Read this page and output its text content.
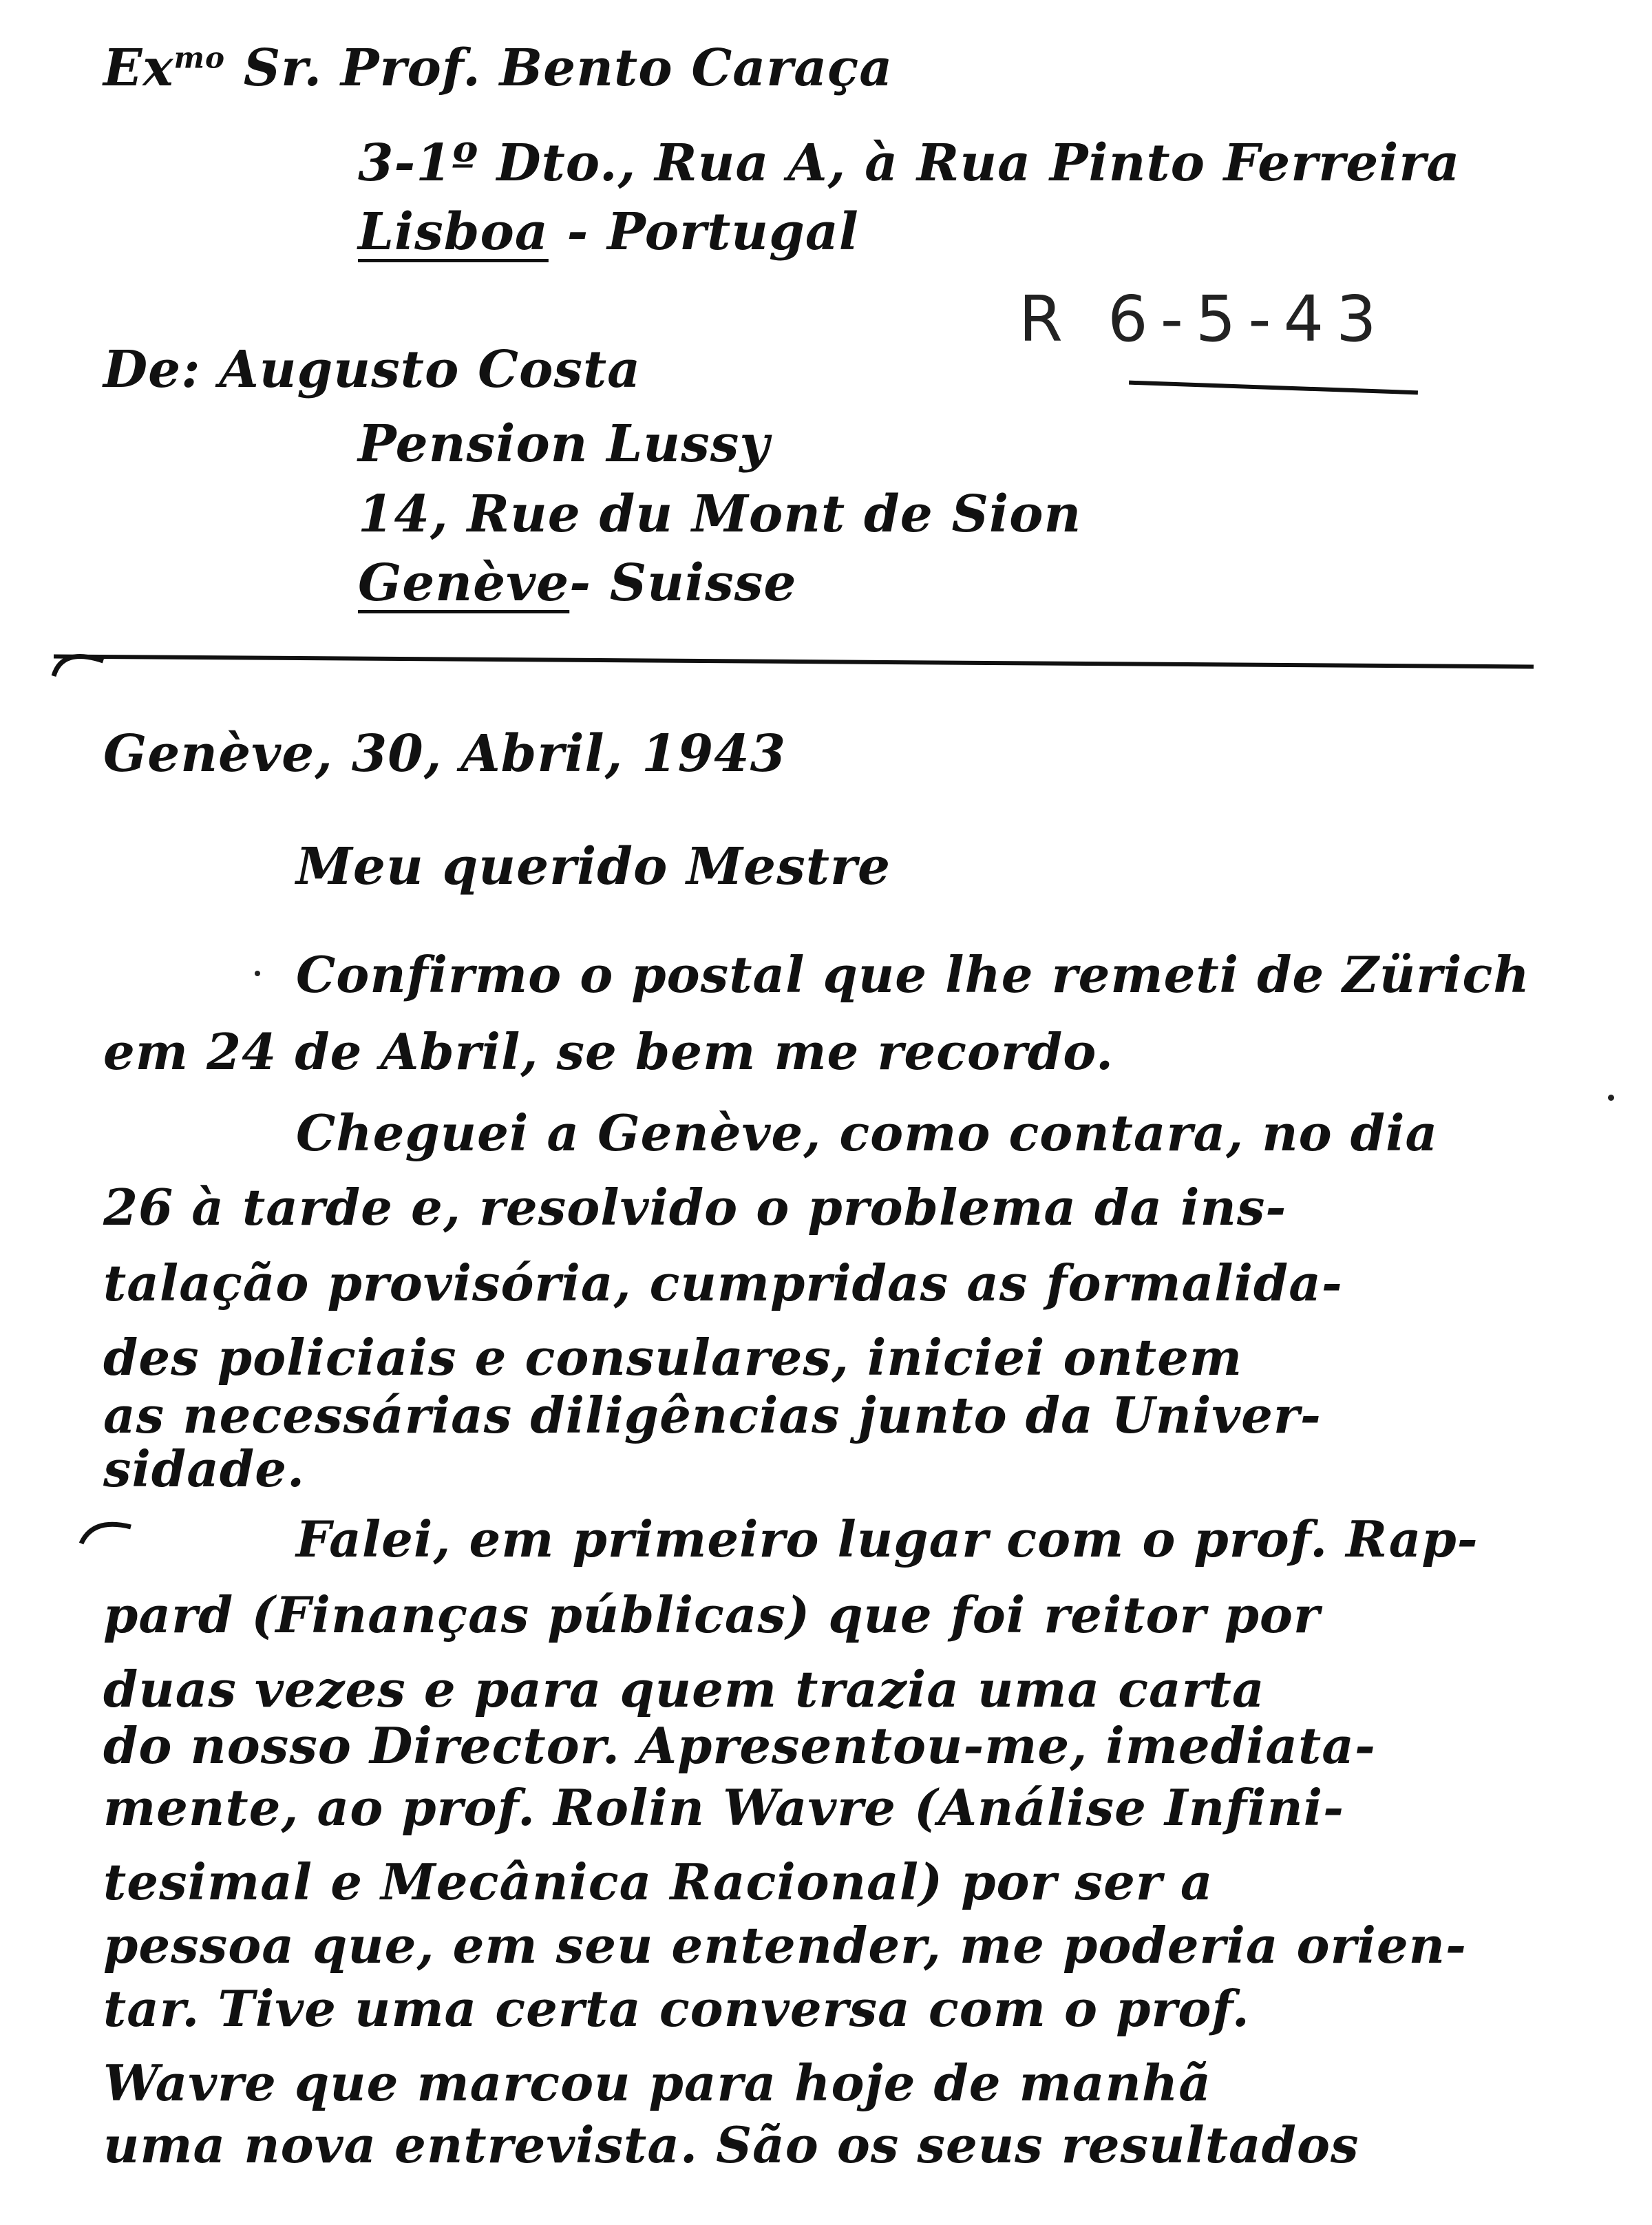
$Ex^{mo}$ Sr. Prof. Bento Caraça
3-1º Dto., Rua A, à Rua Pinto Ferreira
Lisboa - Portugal
R 6-5-43
De: Augusto Costa
Pension Lussy
14, Rue du Mont de Sion
Genève- Suisse
Genève, 30, Abril, 1943
Meu querido Mestre
Confirmo o postal que lhe remeti de Zürich
em 24 de Abril, se bem me recordo.
Cheguei a Genève, como contara, no dia
26 à tarde e, resolvido o problema da ins-
talação provisória, cumpridas as formalida-
des policiais e consulares, iniciei ontem
as necessárias diligências junto da Univer-
sidade.
Falei, em primeiro lugar com o prof. Rap-
pard (Finanças públicas) que foi reitor por
duas vezes e para quem trazia uma carta
do nosso Director. Apresentou-me, imediata-
mente, ao prof. Rolin Wavre (Análise Infini-
tesimal e Mecânica Racional) por ser a
pessoa que, em seu entender, me poderia orien-
tar. Tive uma certa conversa com o prof.
Wavre que marcou para hoje de manhã
uma nova entrevista. São os seus resultados
